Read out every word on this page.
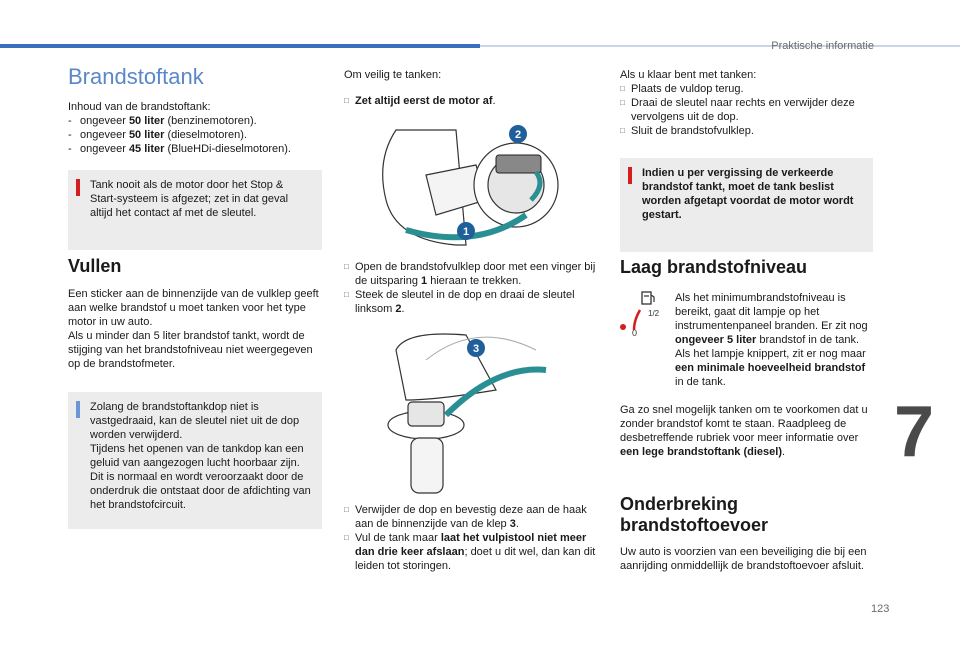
Praktische informatie
123
7
Brandstoftank

Inhoud van de brandstoftank:

- ongeveer 50 liter (benzinemotoren).

- ongeveer 50 liter (dieselmotoren).

- ongeveer 45 liter (BlueHDi-dieselmotoren).

Tank nooit als de motor door het Stop & Start-systeem is afgezet; zet in dat geval altijd het contact af met de sleutel.

Vullen

Een sticker aan de binnenzijde van de vulklep geeft aan welke brandstof u moet tanken voor het type motor in uw auto.

Als u minder dan 5 liter brandstof tankt, wordt de stijging van het brandstofniveau niet weergegeven op de brandstofmeter.

Zolang de brandstoftankdop niet is vastgedraaid, kan de sleutel niet uit de dop worden verwijderd.

Tijdens het openen van de tankdop kan een geluid van aangezogen lucht hoorbaar zijn. Dit is normaal en wordt veroorzaakt door de onderdruk die ontstaat door de afdichting van het brandstofcircuit.

Om veilig te tanken:

□ Zet altijd eerst de motor af.

1
2

□ Open de brandstofvulklep door met een vinger bij de uitsparing 1 hieraan te trekken.

□ Steek de sleutel in de dop en draai de sleutel linksom 2.

3

□ Verwijder de dop en bevestig deze aan de haak aan de binnenzijde van de klep 3.

□ Vul de tank maar laat het vulpistool niet meer dan drie keer afslaan; doet u dit wel, dan kan dit leiden tot storingen.

Als u klaar bent met tanken:

□ Plaats de vuldop terug.

□ Draai de sleutel naar rechts en verwijder deze vervolgens uit de dop.

□ Sluit de brandstofvulklep.

Indien u per vergissing de verkeerde brandstof tankt, moet de tank beslist worden afgetapt voordat de motor wordt gestart.

Laag brandstofniveau
1/2
0

Als het minimumbrandstofniveau is bereikt, gaat dit lampje op het instrumentenpaneel branden. Er zit nog ongeveer 5 liter brandstof in de tank. Als het lampje knippert, zit er nog maar een minimale hoeveelheid brandstof in de tank.

Ga zo snel mogelijk tanken om te voorkomen dat u zonder brandstof komt te staan. Raadpleeg de desbetreffende rubriek voor meer informatie over een lege brandstoftank (diesel).

Onderbreking brandstoftoevoer

Uw auto is voorzien van een beveiliging die bij een aanrijding onmiddellijk de brandstoftoevoer afsluit.
